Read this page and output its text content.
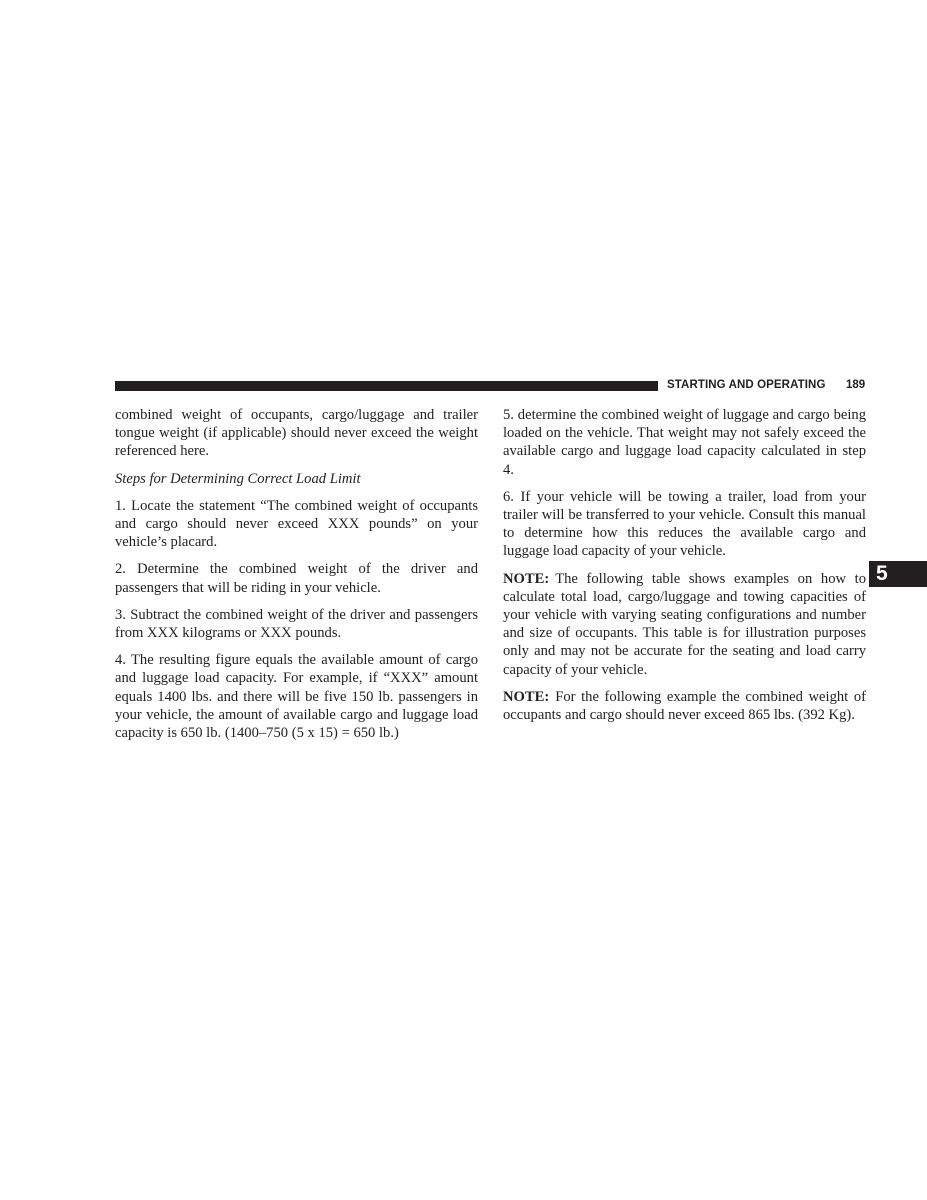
STARTING AND OPERATING 189
5

combined weight of occupants, cargo/luggage and trailer tongue weight (if applicable) should never exceed the weight referenced here.

Steps for Determining Correct Load Limit

1. Locate the statement “The combined weight of occupants and cargo should never exceed XXX pounds” on your vehicle’s placard.

2. Determine the combined weight of the driver and passengers that will be riding in your vehicle.

3. Subtract the combined weight of the driver and passengers from XXX kilograms or XXX pounds.

4. The resulting figure equals the available amount of cargo and luggage load capacity. For example, if “XXX” amount equals 1400 lbs. and there will be five 150 lb. passengers in your vehicle, the amount of available cargo and luggage load capacity is 650 lb. (1400–750 (5 x 15) = 650 lb.)

5. determine the combined weight of luggage and cargo being loaded on the vehicle. That weight may not safely exceed the available cargo and luggage load capacity calculated in step 4.

6. If your vehicle will be towing a trailer, load from your trailer will be transferred to your vehicle. Consult this manual to determine how this reduces the available cargo and luggage load capacity of your vehicle.

NOTE: The following table shows examples on how to calculate total load, cargo/luggage and towing capacities of your vehicle with varying seating configurations and number and size of occupants. This table is for illustration purposes only and may not be accurate for the seating and load carry capacity of your vehicle.

NOTE: For the following example the combined weight of occupants and cargo should never exceed 865 lbs. (392 Kg).
